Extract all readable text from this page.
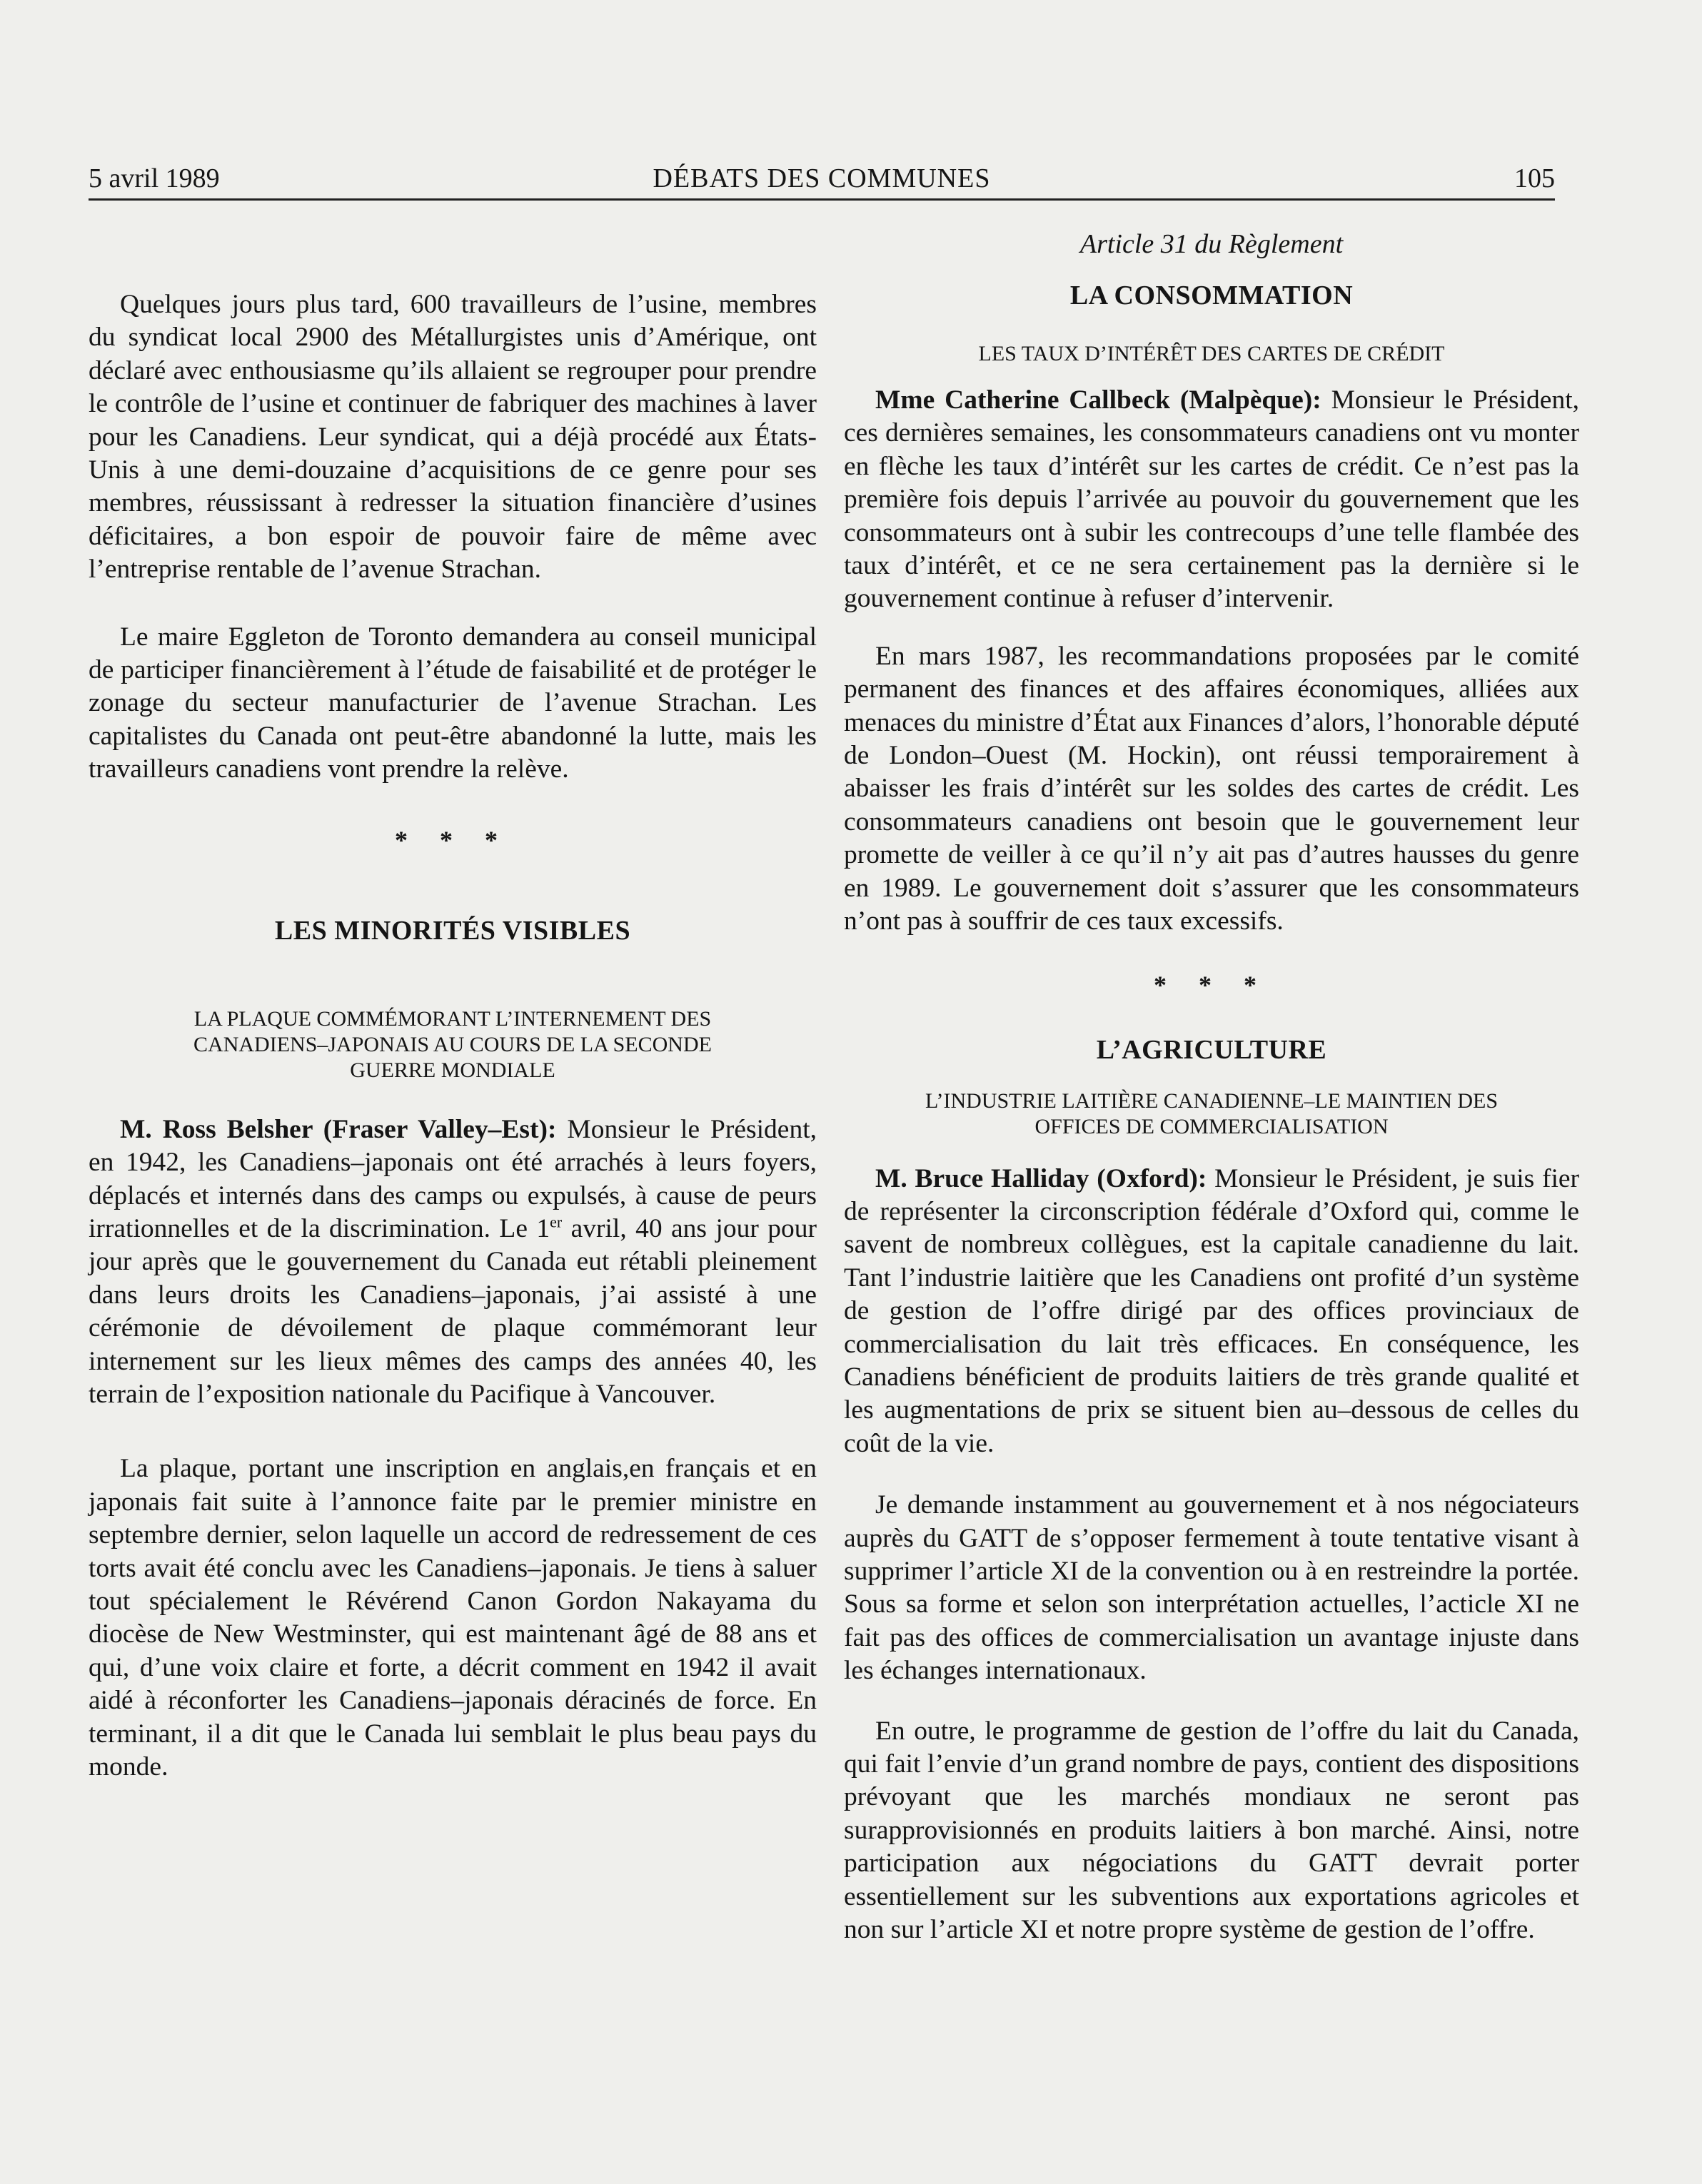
5 avril 1989	DÉBATS DES COMMUNES	105

Quelques jours plus tard, 600 travailleurs de l’usine, membres du syndicat local 2900 des Métallurgistes unis d’Amérique, ont déclaré avec enthousiasme qu’ils allaient se regrouper pour prendre le contrôle de l’usine et continuer de fabriquer des machines à laver pour les Canadiens. Leur syndicat, qui a déjà procédé aux États-Unis à une demi-douzaine d’acquisitions de ce genre pour ses membres, réussissant à redresser la situation financière d’usines déficitaires, a bon espoir de pouvoir faire de même avec l’entreprise rentable de l’avenue Strachan.

Le maire Eggleton de Toronto demandera au conseil municipal de participer financièrement à l’étude de faisabilité et de protéger le zonage du secteur manufacturier de l’avenue Strachan. Les capitalistes du Canada ont peut-être abandonné la lutte, mais les travailleurs canadiens vont prendre la relève.

* * *

LES MINORITÉS VISIBLES

LA PLAQUE COMMÉMORANT L’INTERNEMENT DES

CANADIENS–JAPONAIS AU COURS DE LA SECONDE

GUERRE MONDIALE

M. Ross Belsher (Fraser Valley–Est): Monsieur le Président, en 1942, les Canadiens–japonais ont été arrachés à leurs foyers, déplacés et internés dans des camps ou expulsés, à cause de peurs irrationnelles et de la discrimination. Le 1er avril, 40 ans jour pour jour après que le gouvernement du Canada eut rétabli pleinement dans leurs droits les Canadiens–japonais, j’ai assisté à une cérémonie de dévoilement de plaque commémorant leur internement sur les lieux mêmes des camps des années 40, les terrain de l’exposition nationale du Pacifique à Vancouver.

La plaque, portant une inscription en anglais,en français et en japonais fait suite à l’annonce faite par le premier ministre en septembre dernier, selon laquelle un accord de redressement de ces torts avait été conclu avec les Canadiens–japonais. Je tiens à saluer tout spécialement le Révérend Canon Gordon Nakayama du diocèse de New Westminster, qui est maintenant âgé de 88 ans et qui, d’une voix claire et forte, a décrit comment en 1942 il avait aidé à réconforter les Canadiens–japonais déracinés de force. En terminant, il a dit que le Canada lui semblait le plus beau pays du monde.

Article 31 du Règlement

LA CONSOMMATION

LES TAUX D’INTÉRÊT DES CARTES DE CRÉDIT

Mme Catherine Callbeck (Malpèque): Monsieur le Président, ces dernières semaines, les consommateurs canadiens ont vu monter en flèche les taux d’intérêt sur les cartes de crédit. Ce n’est pas la première fois depuis l’arrivée au pouvoir du gouvernement que les consommateurs ont à subir les contrecoups d’une telle flambée des taux d’intérêt, et ce ne sera certainement pas la dernière si le gouvernement continue à refuser d’intervenir.

En mars 1987, les recommandations proposées par le comité permanent des finances et des affaires économiques, alliées aux menaces du ministre d’État aux Finances d’alors, l’honorable député de London–Ouest (M. Hockin), ont réussi temporairement à abaisser les frais d’intérêt sur les soldes des cartes de crédit. Les consommateurs canadiens ont besoin que le gouvernement leur promette de veiller à ce qu’il n’y ait pas d’autres hausses du genre en 1989. Le gouvernement doit s’assurer que les consommateurs n’ont pas à souffrir de ces taux excessifs.

* * *

L’AGRICULTURE

L’INDUSTRIE LAITIÈRE CANADIENNE–LE MAINTIEN DES

OFFICES DE COMMERCIALISATION

M. Bruce Halliday (Oxford): Monsieur le Président, je suis fier de représenter la circonscription fédérale d’Oxford qui, comme le savent de nombreux collègues, est la capitale canadienne du lait. Tant l’industrie laitière que les Canadiens ont profité d’un système de gestion de l’offre dirigé par des offices provinciaux de commercialisation du lait très efficaces. En conséquence, les Canadiens bénéficient de produits laitiers de très grande qualité et les augmentations de prix se situent bien au–dessous de celles du coût de la vie.

Je demande instamment au gouvernement et à nos négociateurs auprès du GATT de s’opposer fermement à toute tentative visant à supprimer l’article XI de la convention ou à en restreindre la portée. Sous sa forme et selon son interprétation actuelles, l’acticle XI ne fait pas des offices de commercialisation un avantage injuste dans les échanges internationaux.

En outre, le programme de gestion de l’offre du lait du Canada, qui fait l’envie d’un grand nombre de pays, contient des dispositions prévoyant que les marchés mondiaux ne seront pas surapprovisionnés en produits laitiers à bon marché. Ainsi, notre participation aux négociations du GATT devrait porter essentiellement sur les subventions aux exportations agricoles et non sur l’article XI et notre propre système de gestion de l’offre.
